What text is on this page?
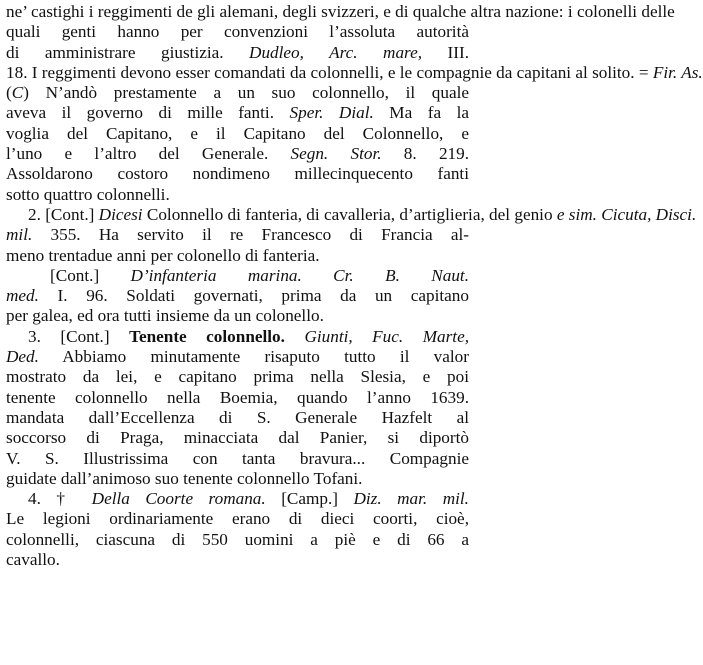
ne’ castighi i reggimenti de gli alemani, degli svizzeri, e di qualche altra nazione: i colonelli delle
quali genti hanno per convenzioni l’assoluta autorità
di amministrare giustizia. Dudleo, Arc. mare, III.
18. I reggimenti devono esser comandati da colonnelli, e le compagnie da capitani al solito. = Fir. As.
(C) N’andò prestamente a un suo colonnello, il quale
aveva il governo di mille fanti. Sper. Dial. Ma fa la
voglia del Capitano, e il Capitano del Colonnello, e
l’uno e l’altro del Generale. Segn. Stor. 8. 219.
Assoldarono costoro nondimeno millecinquecento fanti
sotto quattro colonnelli.
2. [Cont.] Dicesi Colonnello di fanteria, di cavalleria, d’artiglieria, del genio e sim. Cicuta, Disci.
mil. 355. Ha servito il re Francesco di Francia al-
meno trentadue anni per colonello di fanteria.
[Cont.] D’infanteria marina. Cr. B. Naut.
med. I. 96. Soldati governati, prima da un capitano
per galea, ed ora tutti insieme da un colonello.
3. [Cont.] Tenente colonnello. Giunti, Fuc. Marte,
Ded. Abbiamo minutamente risaputo tutto il valor
mostrato da lei, e capitano prima nella Slesia, e poi
tenente colonnello nella Boemia, quando l’anno 1639.
mandata dall’Eccellenza di S. Generale Hazfelt al
soccorso di Praga, minacciata dal Panier, si diportò
V. S. Illustrissima con tanta bravura... Compagnie
guidate dall’animoso suo tenente colonnello Tofani.
4. † Della Coorte romana. [Camp.] Diz. mar. mil.
Le legioni ordinariamente erano di dieci coorti, cioè,
colonnelli, ciascuna di 550 uomini a piè e di 66 a
cavallo.
